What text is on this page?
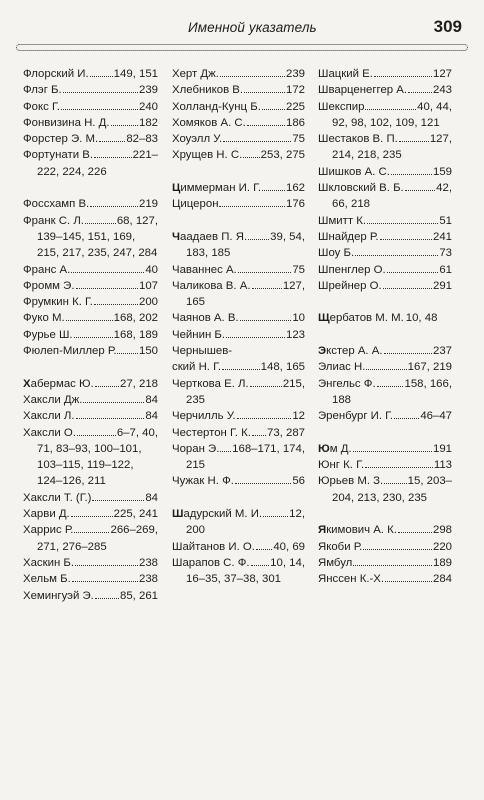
Именной указатель	309
Флорский И. 149, 151
Флэг Б.	239
Фокс Г.	240
Фонвизина Н. Д.	182
Форстер Э. М. 82–83
Фортунати В.	221–
222, 224, 226
Фоссхамп В.	219
Франк С. Л.	68, 127,
139–145, 151, 169,
215, 217, 235, 247, 284
Франс А.	40
Фромм Э.	107
Фрумкин К. Г.	200
Фуко М.	168, 202
Фурье Ш.	168, 189
Фюлеп-Миллер Р. 150
Хабермас Ю. 27, 218
Хаксли Дж.	84
Хаксли Л.	84
Хаксли О.	6–7, 40,
71, 83–93, 100–101,
103–115, 119–122,
124–126, 211
Хаксли Т. (Г.)	84
Харви Д.	225, 241
Харрис Р.	266–269,
271, 276–285
Хаскин Б.	238
Хельм Б.	238
Хемингуэй Э. 85, 261
Херт Дж.	239
Хлебников В.	172
Холланд-Кунц Б. 225
Хомяков А. С.	186
Хоуэлл У.	75
Хрущев Н. С. 253, 275
Циммерман И. Г. 162
Цицерон	176
Чаадаев П. Я. 39, 54,
183, 185
Чаваннес А.	75
Чаликова В. А.	127,
165
Чаянов А. В.	10
Чейнин Б.	123
Чернышев-
ский Н. Г.	148, 165
Черткова Е. Л.	215,
235
Черчилль У.	12
Честертон Г. К. 73, 287
Чоран Э. 168–171, 174,
215
Чужак Н. Ф.	56
Шадурский М. И. 12,
200
Шайтанов И. О. 40, 69
Шарапов С. Ф. 10, 14,
16–35, 37–38, 301
Шацкий Е.	127
Шварценеггер А. 243
Шекспир	40, 44,
92, 98, 102, 109, 121
Шестаков В. П.	127,
214, 218, 235
Шишков А. С.	159
Шкловский В. Б.	42,
66, 218
Шмитт К.	51
Шнайдер Р.	241
Шоу Б.	73
Шпенглер О.	61
Шрейнер О.	291
Щербатов М. М. 10, 48
Экстер А. А.	237
Элиас Н.	167, 219
Энгельс Ф.	158, 166,
188
Эренбург И. Г. 46–47
Юм Д.	191
Юнг К. Г.	113
Юрьев М. З. 15, 203–
204, 213, 230, 235
Якимович А. К.	298
Якоби Р.	220
Ямбул	189
Янссен К.-Х.	284
